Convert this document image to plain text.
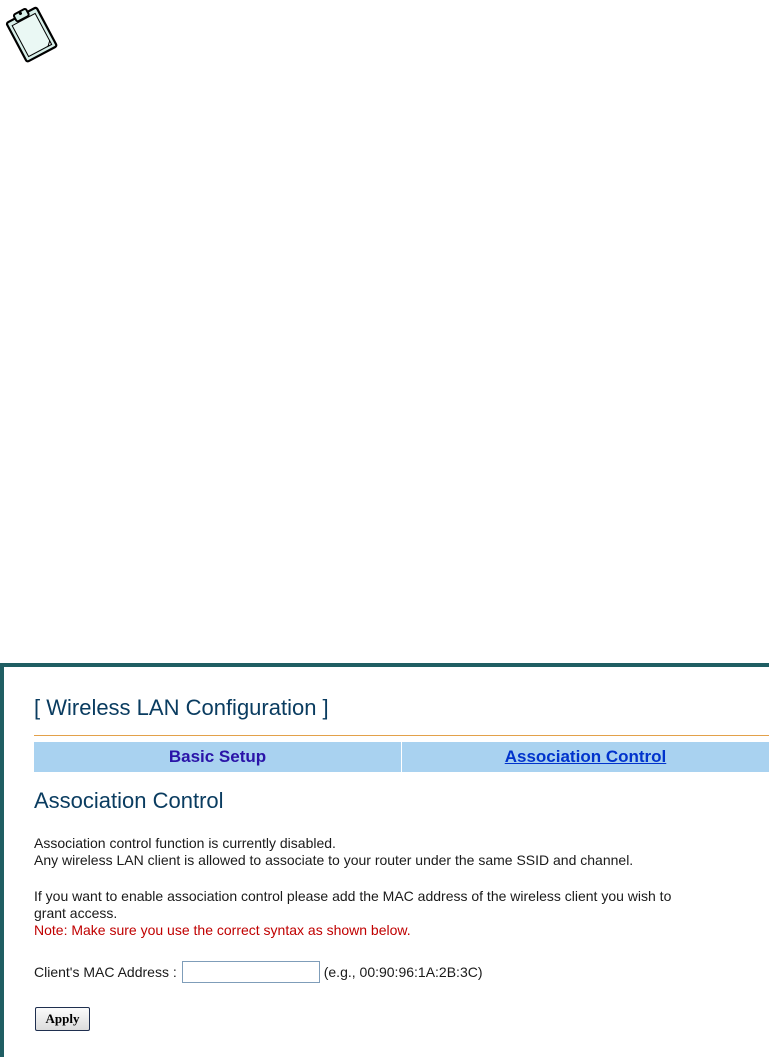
[ Wireless LAN Configuration ]
Basic Setup	Association Control
Association Control

Association control function is currently disabled.
Any wireless LAN client is allowed to associate to your router under the same SSID and channel.

If you want to enable association control please add the MAC address of the wireless client you wish to
grant access.
Note: Make sure you use the correct syntax as shown below.

Client's MAC Address :	(e.g., 00:90:96:1A:2B:3C)
Apply
